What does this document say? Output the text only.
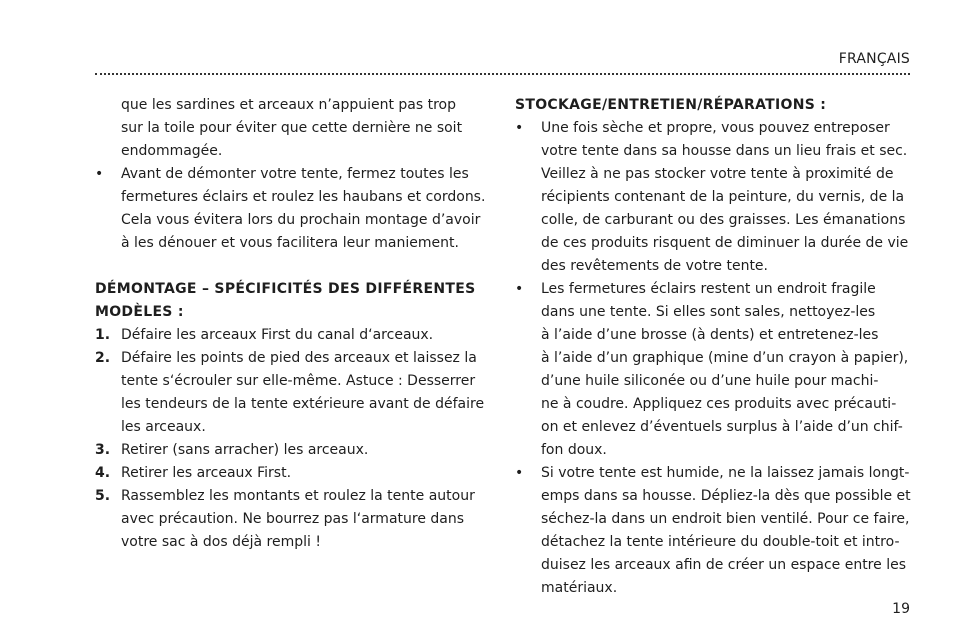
FRANÇAIS

que les sardines et arceaux n’appuient pas trop
sur la toile pour éviter que cette dernière ne soit
endommagée.

• Avant de démonter votre tente, fermez toutes les
fermetures éclairs et roulez les haubans et cordons.
Cela vous évitera lors du prochain montage d’avoir
à les dénouer et vous facilitera leur maniement.
DÉMONTAGE – SPÉCIFICITÉS DES DIFFÉRENTES
MODÈLES :
1. Défaire les arceaux First du canal d‘arceaux.
2. Défaire les points de pied des arceaux et laissez la
tente s‘écrouler sur elle-même. Astuce : Desserrer
les tendeurs de la tente extérieure avant de défaire
les arceaux.
3. Retirer (sans arracher) les arceaux.
4. Retirer les arceaux First.
5. Rassemblez les montants et roulez la tente autour
avec précaution. Ne bourrez pas l‘armature dans
votre sac à dos déjà rempli !
STOCKAGE/ENTRETIEN/RÉPARATIONS :
• Une fois sèche et propre, vous pouvez entreposer
votre tente dans sa housse dans un lieu frais et sec.
Veillez à ne pas stocker votre tente à proximité de
récipients contenant de la peinture, du vernis, de la
colle, de carburant ou des graisses. Les émanations
de ces produits risquent de diminuer la durée de vie
des revêtements de votre tente.
• Les fermetures éclairs restent un endroit fragile
dans une tente. Si elles sont sales, nettoyez-les
à l’aide d’une brosse (à dents) et entretenez-les
à l’aide d’un graphique (mine d’un crayon à papier),
d’une huile siliconée ou d’une huile pour machi-
ne à coudre. Appliquez ces produits avec précauti-
on et enlevez d’éventuels surplus à l’aide d’un chif-
fon doux.
• Si votre tente est humide, ne la laissez jamais longt-
emps dans sa housse. Dépliez-la dès que possible et
séchez-la dans un endroit bien ventilé. Pour ce faire,
détachez la tente intérieure du double-toit et intro-
duisez les arceaux afin de créer un espace entre les
matériaux.

19
